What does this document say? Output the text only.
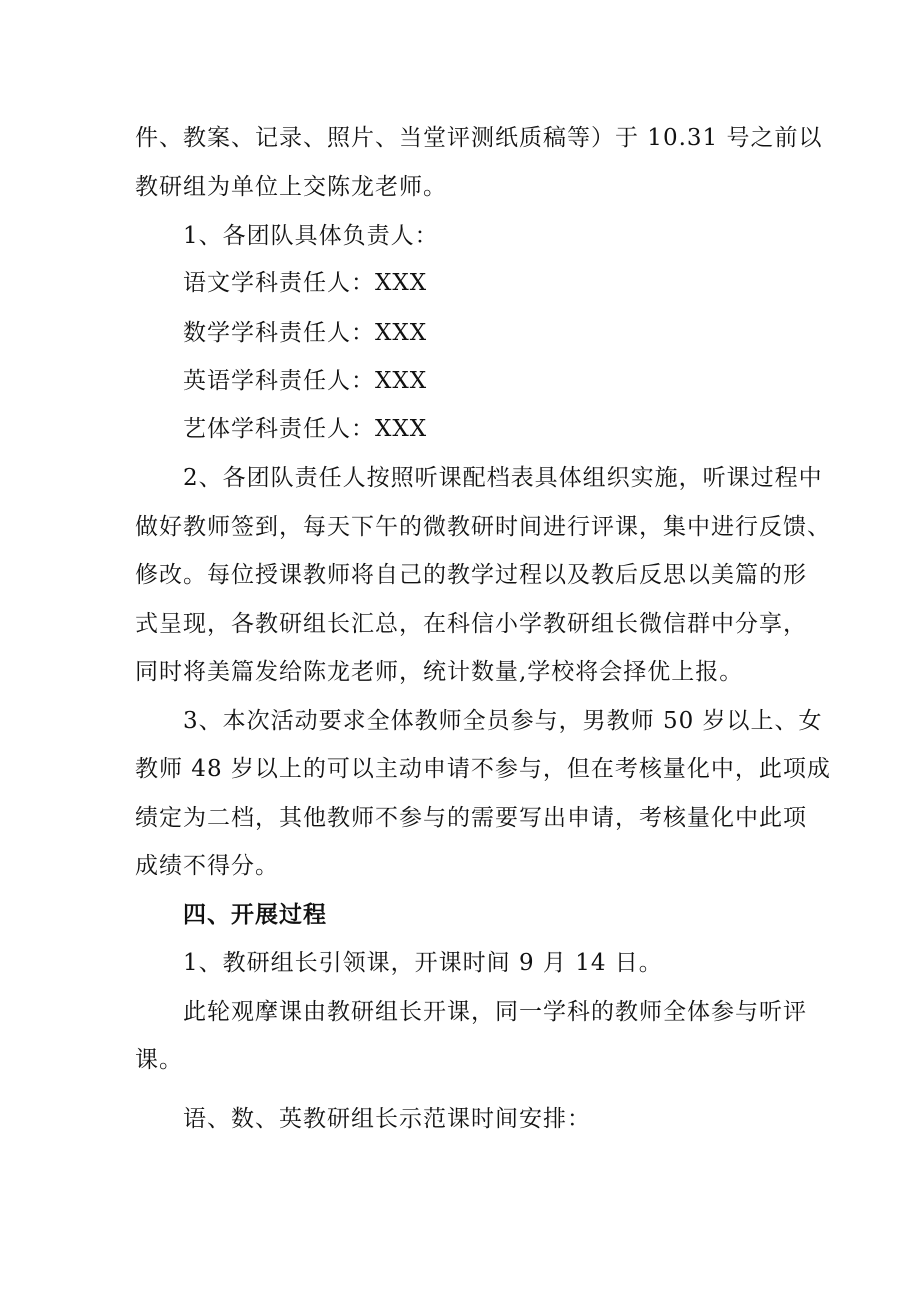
件、教案、记录、照片、当堂评测纸质稿等）于 10.31 号之前以
教研组为单位上交陈龙老师。
1、各团队具体负责人：
语文学科责任人：XXX
数学学科责任人：XXX
英语学科责任人：XXX
艺体学科责任人：XXX
2、各团队责任人按照听课配档表具体组织实施，听课过程中
做好教师签到，每天下午的微教研时间进行评课，集中进行反馈、
修改。每位授课教师将自己的教学过程以及教后反思以美篇的形
式呈现，各教研组长汇总，在科信小学教研组长微信群中分享，
同时将美篇发给陈龙老师，统计数量,学校将会择优上报。
3、本次活动要求全体教师全员参与，男教师 50 岁以上、女
教师 48 岁以上的可以主动申请不参与，但在考核量化中，此项成
绩定为二档，其他教师不参与的需要写出申请，考核量化中此项
成绩不得分。
四、开展过程
1、教研组长引领课，开课时间 9 月 14 日。
此轮观摩课由教研组长开课，同一学科的教师全体参与听评
课。
语、数、英教研组长示范课时间安排：
